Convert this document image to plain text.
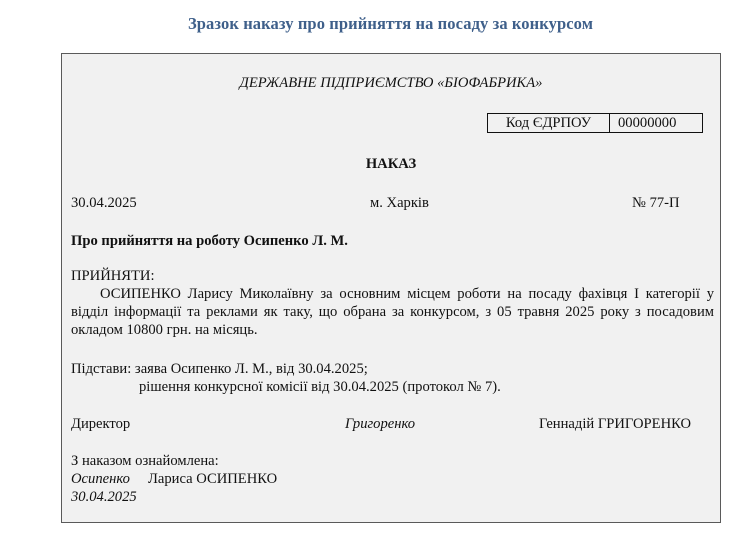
Зразок наказу про прийняття на посаду за конкурсом
ДЕРЖАВНЕ ПІДПРИЄМСТВО «БІОФАБРИКА»
Код ЄДРПОУ	00000000
НАКАЗ
30.04.2025	м. Харків	№ 77-П
Про прийняття на роботу Осипенко Л. М.
ПРИЙНЯТИ:
ОСИПЕНКО Ларису Миколаївну за основним місцем роботи на посаду фахівця I категорії у відділ інформації та реклами як таку, що обрана за конкурсом, з 05 травня 2025 року з посадовим окладом 10800 грн. на місяць.
Підстави: заява Осипенко Л. М., від 30.04.2025;
рішення конкурсної комісії від 30.04.2025 (протокол № 7).
Директор	Григоренко	Геннадій ГРИГОРЕНКО
З наказом ознайомлена:
Осипенко Лариса ОСИПЕНКО
30.04.2025
